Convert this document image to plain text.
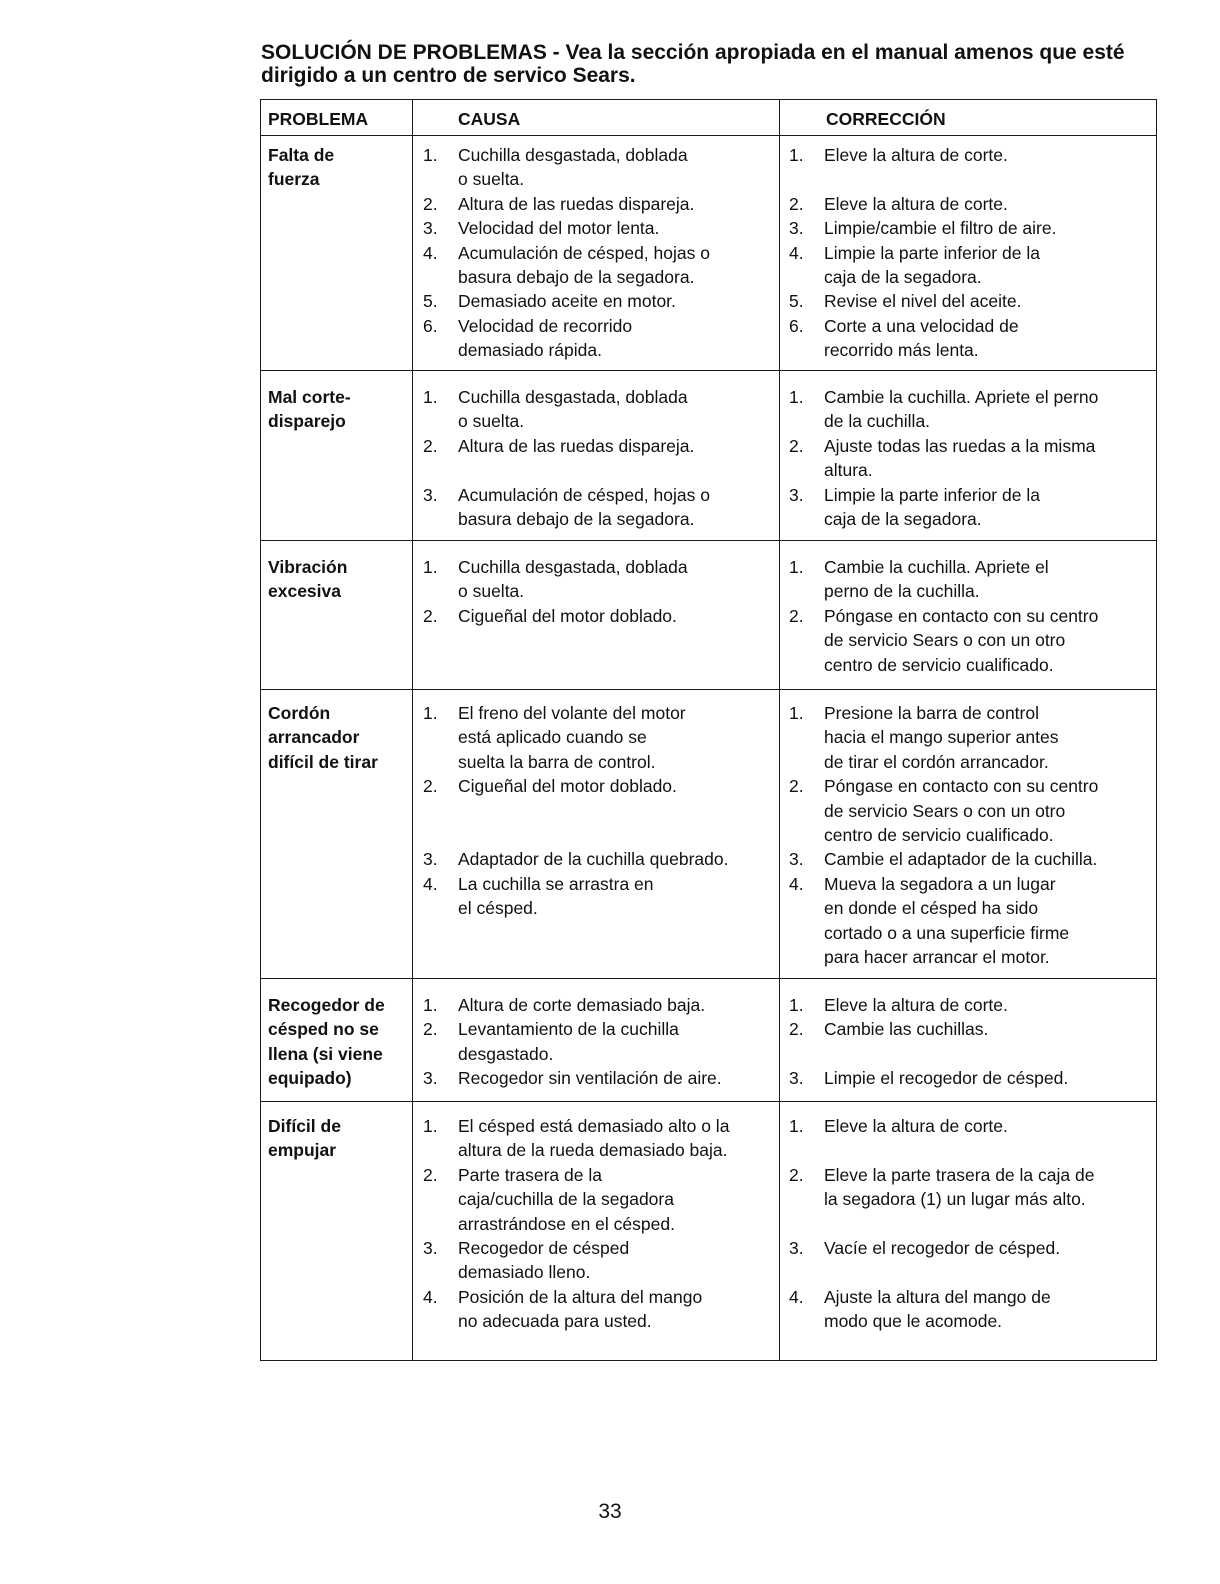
SOLUCIÓN DE PROBLEMAS - Vea la sección apropiada en el manual amenos que esté dirigido a un centro de servico Sears.
PROBLEMA	CAUSA	CORRECCIÓN
Falta de
fuerza
1. Cuchilla desgastada, doblada
o suelta.
2. Altura de las ruedas dispareja.
3. Velocidad del motor lenta.
4. Acumulación de césped, hojas o
basura debajo de la segadora.
5. Demasiado aceite en motor.
6. Velocidad de recorrido
demasiado rápida.
1. Eleve la altura de corte.
2. Eleve la altura de corte.
3. Limpie/cambie el filtro de aire.
4. Limpie la parte inferior de la
caja de la segadora.
5. Revise el nivel del aceite.
6. Corte a una velocidad de
recorrido más lenta.
Mal corte-
disparejo
1. Cuchilla desgastada, doblada
o suelta.
2. Altura de las ruedas dispareja.
3. Acumulación de césped, hojas o
basura debajo de la segadora.
1. Cambie la cuchilla. Apriete el perno
de la cuchilla.
2. Ajuste todas las ruedas a la misma
altura.
3. Limpie la parte inferior de la
caja de la segadora.
Vibración
excesiva
1. Cuchilla desgastada, doblada
o suelta.
2. Cigueñal del motor doblado.
1. Cambie la cuchilla. Apriete el
perno de la cuchilla.
2. Póngase en contacto con su centro
de servicio Sears o con un otro
centro de servicio cualificado.
Cordón
arrancador
difícil de tirar
1. El freno del volante del motor
está aplicado cuando se
suelta la barra de control.
2. Cigueñal del motor doblado.
3. Adaptador de la cuchilla quebrado.
4. La cuchilla se arrastra en
el césped.
1. Presione la barra de control
hacia el mango superior antes
de tirar el cordón arrancador.
2. Póngase en contacto con su centro
de servicio Sears o con un otro
centro de servicio cualificado.
3. Cambie el adaptador de la cuchilla.
4. Mueva la segadora a un lugar
en donde el césped ha sido
cortado o a una superficie firme
para hacer arrancar el motor.
Recogedor de
césped no se
llena (si viene
equipado)
1. Altura de corte demasiado baja.
2. Levantamiento de la cuchilla
desgastado.
3. Recogedor sin ventilación de aire.
1. Eleve la altura de corte.
2. Cambie las cuchillas.
3. Limpie el recogedor de césped.
Difícil de
empujar
1. El césped está demasiado alto o la
altura de la rueda demasiado baja.
2. Parte trasera de la
caja/cuchilla de la segadora
arrastrándose en el césped.
3. Recogedor de césped
demasiado lleno.
4. Posición de la altura del mango
no adecuada para usted.
1. Eleve la altura de corte.
2. Eleve la parte trasera de la caja de
la segadora (1) un lugar más alto.
3. Vacíe el recogedor de césped.
4. Ajuste la altura del mango de
modo que le acomode.
33
